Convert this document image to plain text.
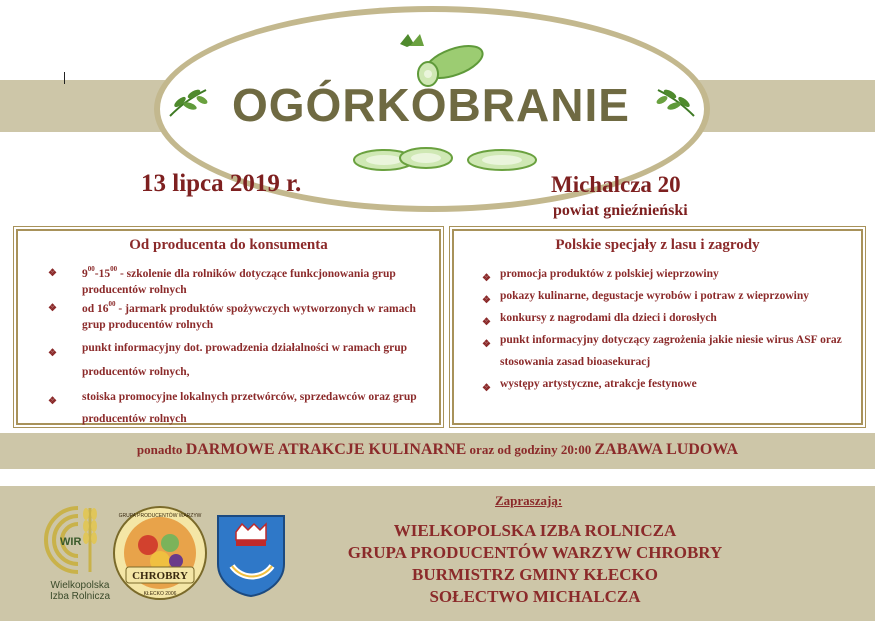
OGÓRKOBRANIE
13 lipca 2019 r.	Michalcza 20
powiat gnieźnieński
Od producenta do konsumenta
❖ $9^{00}-15^{00}$ - szkolenie dla rolników dotyczące funkcjonowania grup producentów rolnych
❖ od $16^{00}$ - jarmark produktów spożywczych wytworzonych w ramach grup producentów rolnych
❖ punkt informacyjny dot. prowadzenia działalności w ramach grup producentów rolnych,
❖ stoiska promocyjne lokalnych przetwórców, sprzedawców oraz grup producentów rolnych
Polskie specjały z lasu i zagrody
❖ promocja produktów z polskiej wieprzowiny
❖ pokazy kulinarne, degustacje wyrobów i potraw z wieprzowiny
❖ konkursy z nagrodami dla dzieci i dorosłych
❖ punkt informacyjny dotyczący zagrożenia jakie niesie wirus ASF oraz stosowania zasad bioasekuracj
❖ występy artystyczne, atrakcje festynowe
ponadto DARMOWE ATRAKCJE KULINARNE oraz od godziny 20:00 ZABAWA LUDOWA
Zapraszają:
WIELKOPOLSKA IZBA ROLNICZA
GRUPA PRODUCENTÓW WARZYW CHROBRY
BURMISTRZ GMINY KŁECKO
SOŁECTWO MICHALCZA
WIR
Wielkopolska
Izba Rolnicza
CHROBRY
GRUPA PRODUCENTÓW WARZYW
KŁECKO 2006
